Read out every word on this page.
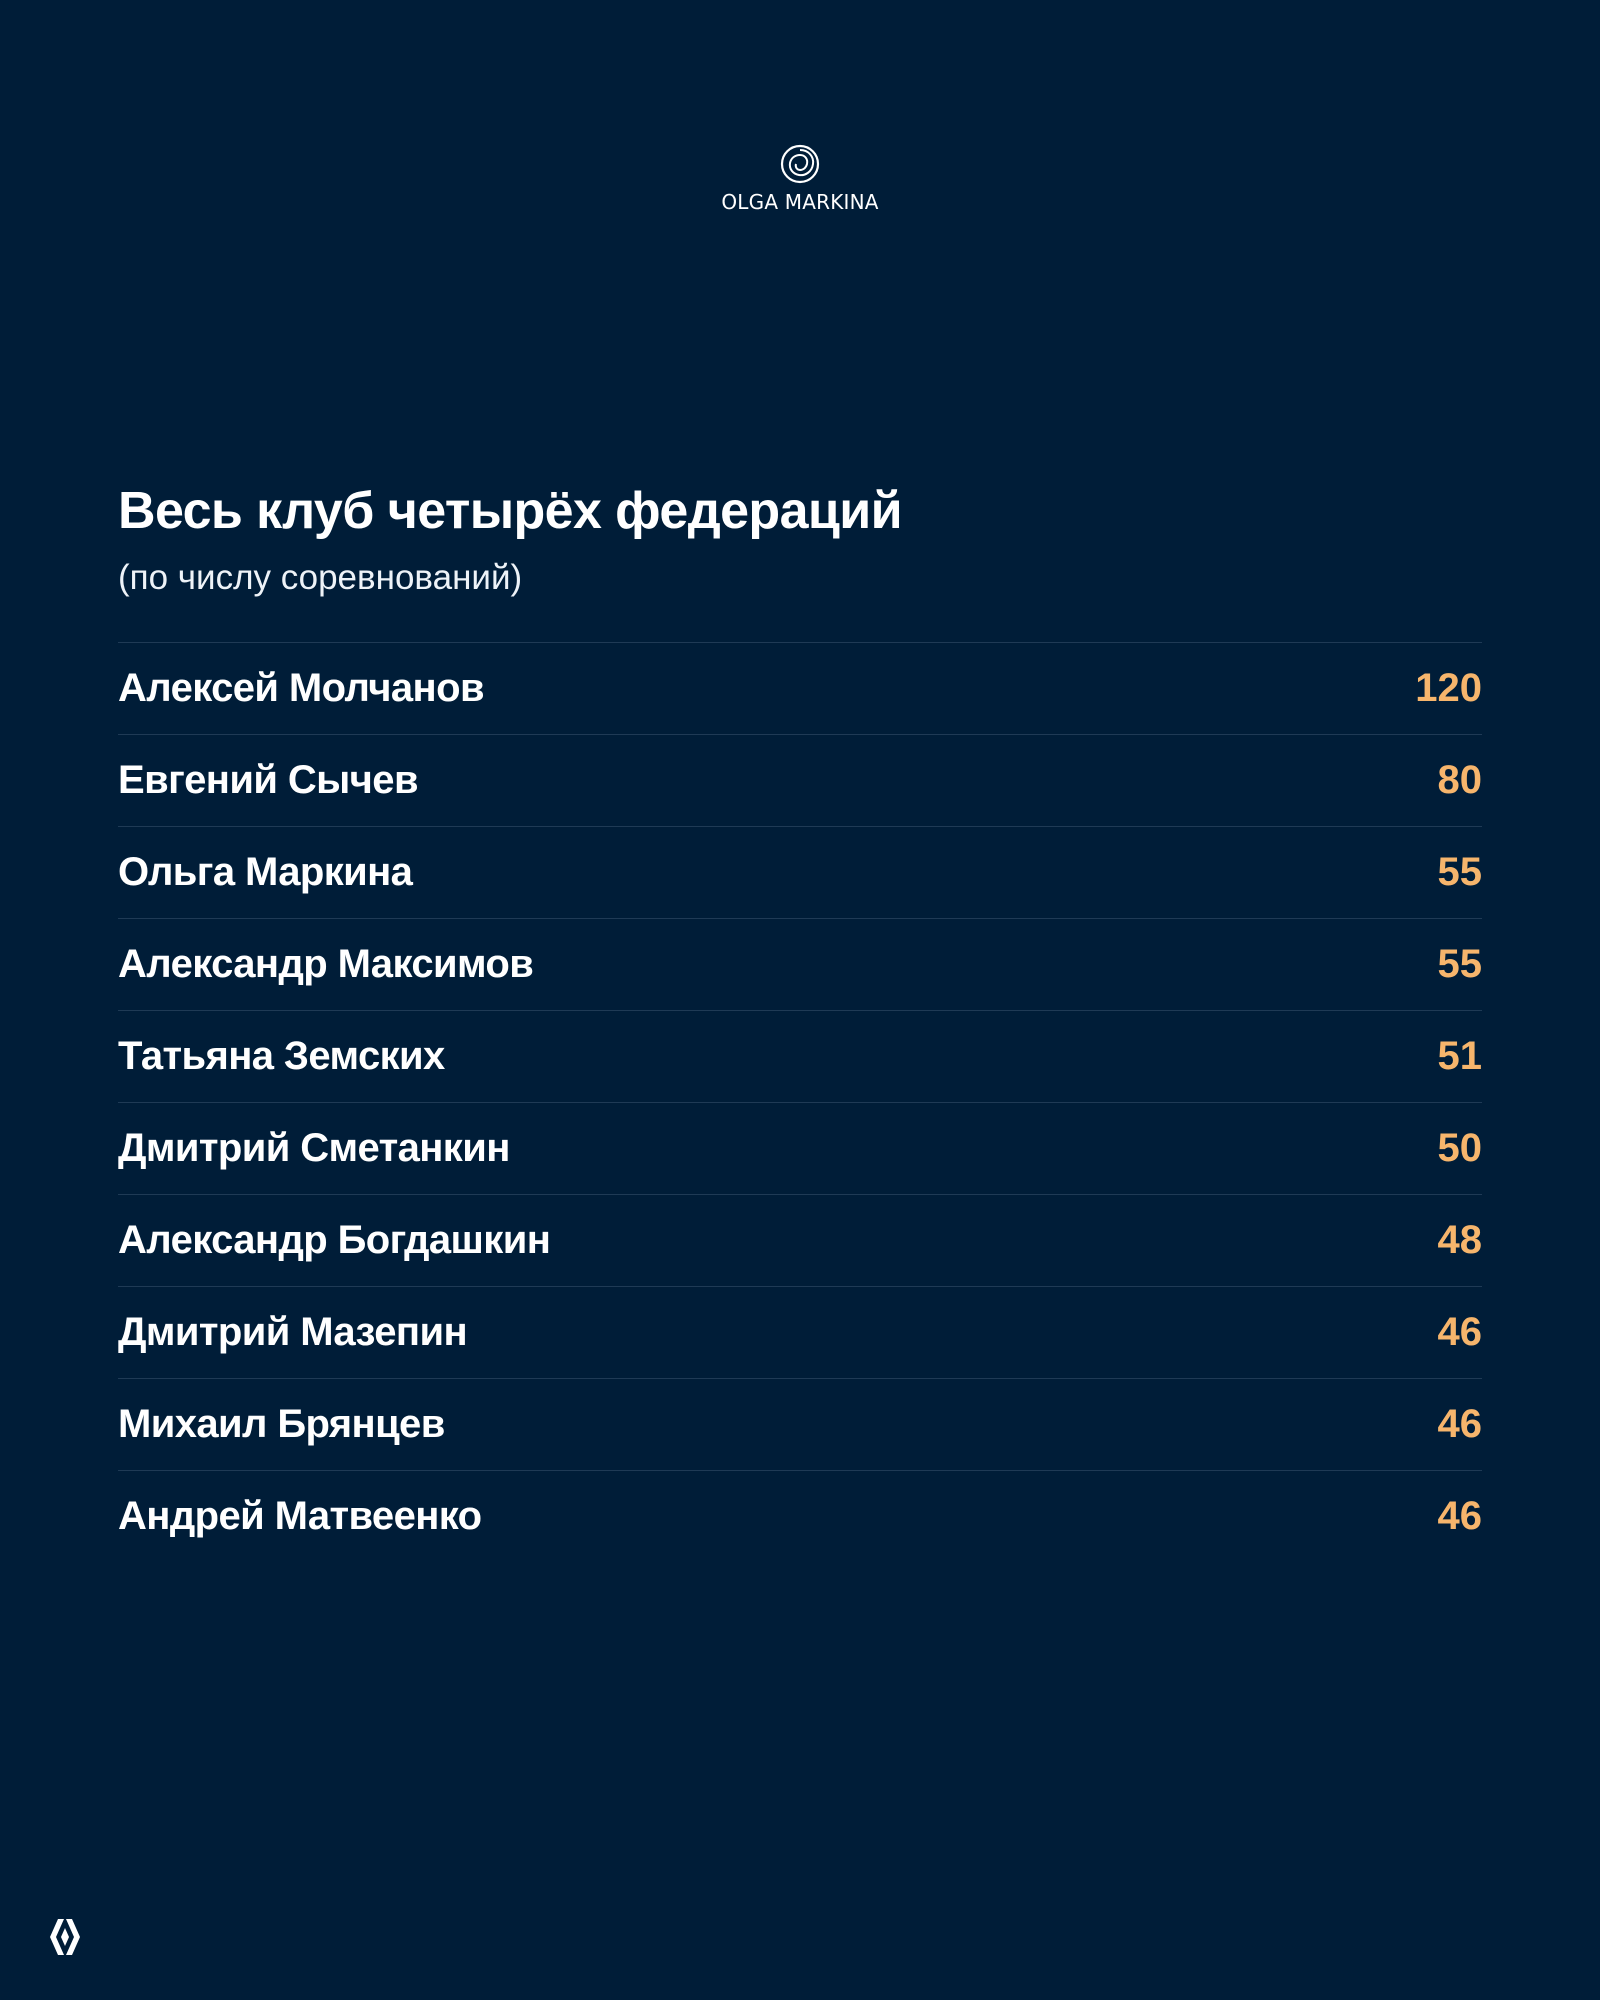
OLGA MARKINA
Весь клуб четырёх федераций
(по числу соревнований)
Алексей Молчанов	120
Евгений Сычев	80
Ольга Маркина	55
Александр Максимов	55
Татьяна Земских	51
Дмитрий Сметанкин	50
Александр Богдашкин	48
Дмитрий Мазепин	46
Михаил Брянцев	46
Андрей Матвеенко	46
